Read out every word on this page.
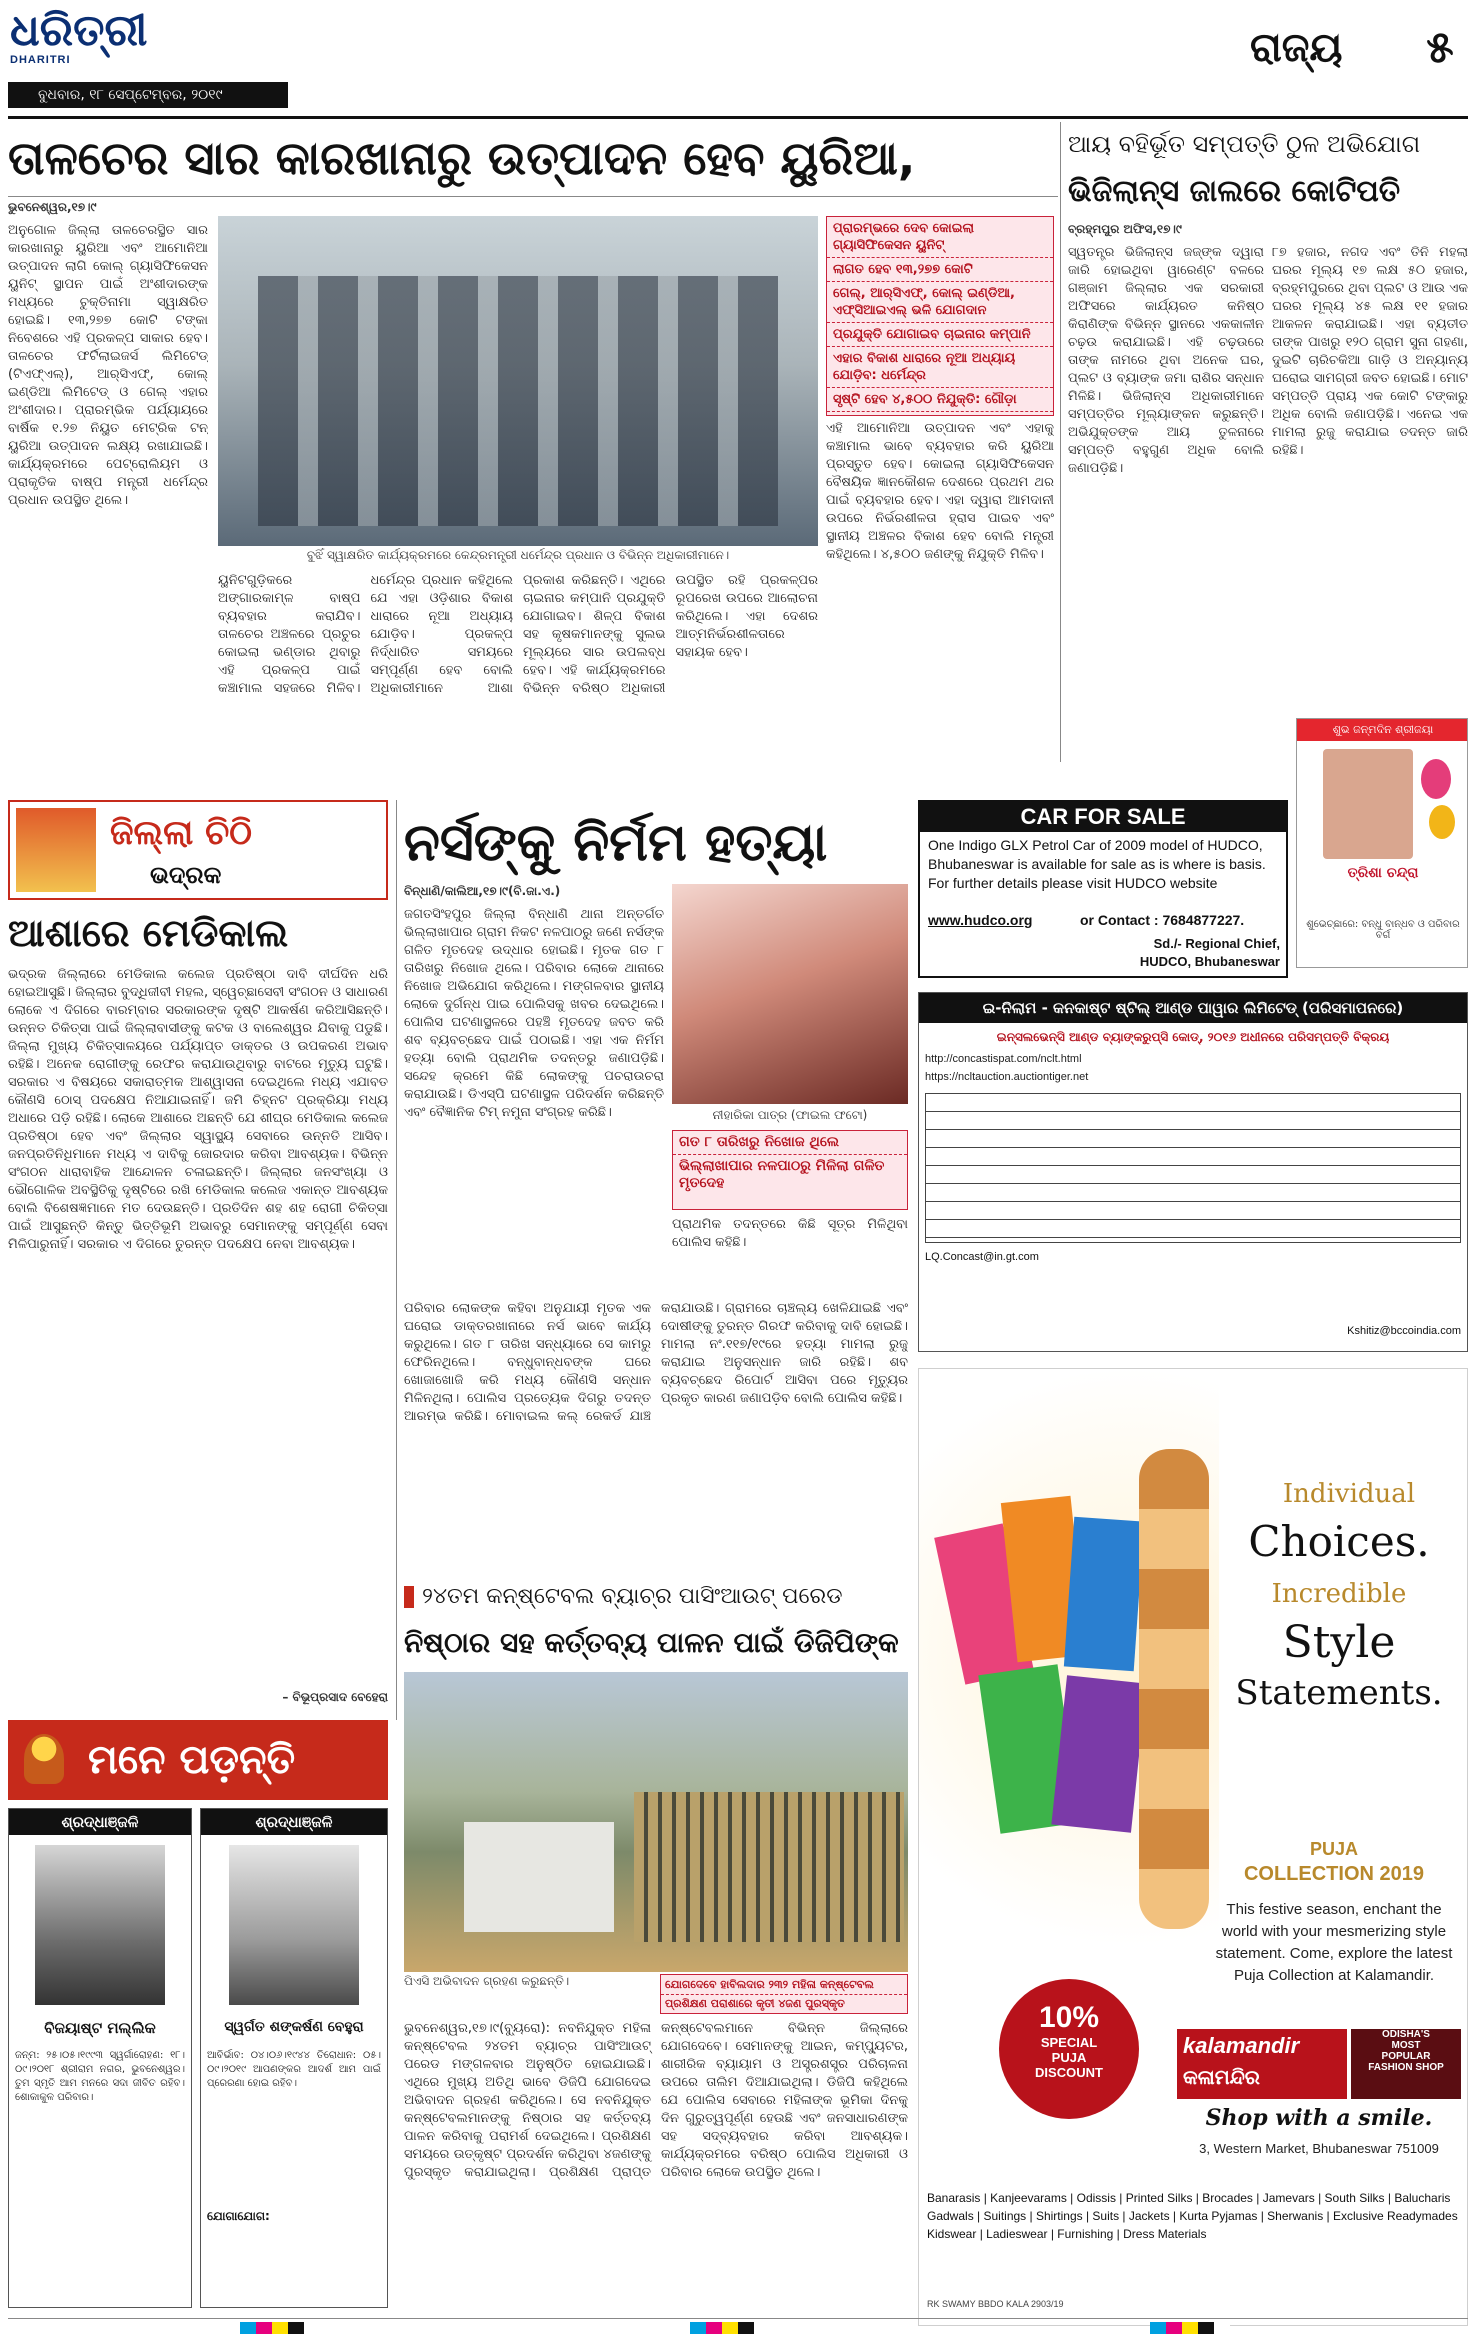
ଧରିତ୍ରୀ
DHARITRI
ବୁଧବାର, ୧୮ ସେପ୍ଟେମ୍ବର, ୨୦୧୯
ରାଜ୍ୟ	୫
ତାଳଚେର ସାର କାରଖାନାରୁ ଉତ୍ପାଦନ ହେବ ୟୁରିଆ,
ଭୁବନେଶ୍ୱର,୧୭।୯
ଅନୁଗୋଳ ଜିଲ୍ଲା ତାଳଚେରସ୍ଥିତ ସାର କାରଖାନାରୁ ୟୁରିଆ ଏବଂ ଆମୋନିଆ ଉତ୍ପାଦନ ଲାଗି କୋଲ୍ ଗ୍ୟାସିଫିକେସନ ୟୁନିଟ୍ ସ୍ଥାପନ ପାଇଁ ଅଂଶୀଦାରଙ୍କ ମଧ୍ୟରେ ଚୁକ୍ତିନାମା ସ୍ୱାକ୍ଷରିତ ହୋଇଛି। ୧୩,୨୭୭ କୋଟି ଟଙ୍କା ନିବେଶରେ ଏହି ପ୍ରକଳ୍ପ ସାକାର ହେବ। ତାଳଚେର ଫର୍ଟିଲାଇଜର୍ସ ଲିମିଟେଡ୍ (ଟିଏଫ୍‌ଏଲ୍), ଆର୍‌ସିଏଫ୍, କୋଲ୍ ଇଣ୍ଡିଆ ଲିମିଟେଡ୍ ଓ ଗେଲ୍ ଏହାର ଅଂଶୀଦାର। ପ୍ରାରମ୍ଭିକ ପର୍ଯ୍ୟାୟରେ ବାର୍ଷିକ ୧.୨୭ ନିୟୁତ ମେଟ୍ରିକ ଟନ୍ ୟୁରିଆ ଉତ୍ପାଦନ ଲକ୍ଷ୍ୟ ରଖାଯାଇଛି। କାର୍ଯ୍ୟକ୍ରମରେ ପେଟ୍ରୋଲିୟମ ଓ ପ୍ରାକୃତିକ ବାଷ୍ପ ମନ୍ତ୍ରୀ ଧର୍ମେନ୍ଦ୍ର ପ୍ରଧାନ ଉପସ୍ଥିତ ଥିଲେ।
ବୁଝିଁ ସ୍ୱାକ୍ଷରିତ କାର୍ଯ୍ୟକ୍ରମରେ କେନ୍ଦ୍ରମନ୍ତ୍ରୀ ଧର୍ମେନ୍ଦ୍ର ପ୍ରଧାନ ଓ ବିଭିନ୍ନ ଅଧିକାରୀମାନେ।
ପ୍ରାରମ୍ଭରେ ଦେବ କୋଇଲା ଗ୍ୟାସିଫିକେସନ ୟୁନିଟ୍
ଲାଗତ ହେବ ୧୩,୨୭୭ କୋଟି
ଗେଲ୍, ଆର୍‌ସିଏଫ୍, କୋଲ୍ ଇଣ୍ଡିଆ, ଏଫ୍‌ସିଆଇଏଲ୍ ଭଳି ଯୋଗଦାନ
ପ୍ରଯୁକ୍ତି ଯୋଗାଇବ ଚାଇନାର କମ୍ପାନି
ଏହାର ବିକାଶ ଧାରାରେ ନୂଆ ଅଧ୍ୟାୟ ଯୋଡ଼ିବ: ଧର୍ମେନ୍ଦ୍ର
ସୃଷ୍ଟି ହେବ ୪,୫୦୦ ନିଯୁକ୍ତି: ଗୌଡ଼ା
ଏହି ଆମୋନିଆ ଉତ୍ପାଦନ ଏବଂ ଏହାକୁ କଞ୍ଚାମାଲ ଭାବେ ବ୍ୟବହାର କରି ୟୁରିଆ ପ୍ରସ୍ତୁତ ହେବ। କୋଇଲା ଗ୍ୟାସିଫିକେସନ ବୈଷୟିକ ଜ୍ଞାନକୌଶଳ ଦେଶରେ ପ୍ରଥମ ଥର ପାଇଁ ବ୍ୟବହାର ହେବ। ଏହା ଦ୍ୱାରା ଆମଦାନୀ ଉପରେ ନିର୍ଭରଶୀଳତା ହ୍ରାସ ପାଇବ ଏବଂ ସ୍ଥାନୀୟ ଅଞ୍ଚଳର ବିକାଶ ହେବ ବୋଲି ମନ୍ତ୍ରୀ କହିଥିଲେ। ୪,୫୦୦ ଜଣଙ୍କୁ ନିଯୁକ୍ତି ମିଳିବ।
ୟୁନିଟଗୁଡ଼ିକରେ ଅଙ୍ଗାରକାମ୍ଳ ବାଷ୍ପ ବ୍ୟବହାର କରାଯିବ। ତାଳଚେର ଅଞ୍ଚଳରେ ପ୍ରଚୁର କୋଇଲା ଭଣ୍ଡାର ଥିବାରୁ ଏହି ପ୍ରକଳ୍ପ ପାଇଁ କଞ୍ଚାମାଲ ସହଜରେ ମିଳିବ। ଧର୍ମେନ୍ଦ୍ର ପ୍ରଧାନ କହିଥିଲେ ଯେ ଏହା ଓଡ଼ିଶାର ବିକାଶ ଧାରାରେ ନୂଆ ଅଧ୍ୟାୟ ଯୋଡ଼ିବ। ପ୍ରକଳ୍ପ ନିର୍ଦ୍ଧାରିତ ସମୟରେ ସମ୍ପୂର୍ଣ୍ଣ ହେବ ବୋଲି ଅଧିକାରୀମାନେ ଆଶା ପ୍ରକାଶ କରିଛନ୍ତି। ଏଥିରେ ଚାଇନାର କମ୍ପାନି ପ୍ରଯୁକ୍ତି ଯୋଗାଇବ। ଶିଳ୍ପ ବିକାଶ ସହ କୃଷକମାନଙ୍କୁ ସୁଲଭ ମୂଲ୍ୟରେ ସାର ଉପଲବ୍ଧ ହେବ। ଏହି କାର୍ଯ୍ୟକ୍ରମରେ ବିଭିନ୍ନ ବରିଷ୍ଠ ଅଧିକାରୀ ଉପସ୍ଥିତ ରହି ପ୍ରକଳ୍ପର ରୂପରେଖ ଉପରେ ଆଲୋଚନା କରିଥିଲେ। ଏହା ଦେଶର ଆତ୍ମନିର୍ଭରଶୀଳତାରେ ସହାୟକ ହେବ।
ଆୟ ବହିର୍ଭୂତ ସମ୍ପତ୍ତି ଠୁଳ ଅଭିଯୋଗ
ଭିଜିଲାନ୍ସ ଜାଲରେ କୋଟିପତି
ବ୍ରହ୍ମପୁର ଅଫିସ,୧୭।୯
ସ୍ୱତନ୍ତ୍ର ଭିଜିଲାନ୍ସ ଜଜ୍‌ଙ୍କ ଦ୍ୱାରା ଜାରି ହୋଇଥିବା ୱାରେଣ୍ଟ ବଳରେ ଗଞ୍ଜାମ ଜିଲ୍ଲାର ଏକ ସରକାରୀ ଅଫିସରେ କାର୍ଯ୍ୟରତ କନିଷ୍ଠ କିରାଣିଙ୍କ ବିଭିନ୍ନ ସ୍ଥାନରେ ଏକକାଳୀନ ଚଢ଼ଉ କରାଯାଇଛି। ଏହି ଚଢ଼ଉରେ ତାଙ୍କ ନାମରେ ଥିବା ଅନେକ ଘର, ପ୍ଲଟ ଓ ବ୍ୟାଙ୍କ ଜମା ରାଶିର ସନ୍ଧାନ ମିଳିଛି। ଭିଜିଲାନ୍ସ ଅଧିକାରୀମାନେ ସମ୍ପତ୍ତିର ମୂଲ୍ୟାଙ୍କନ କରୁଛନ୍ତି। ଅଭିଯୁକ୍ତଙ୍କ ଆୟ ତୁଳନାରେ ସମ୍ପତ୍ତି ବହୁଗୁଣ ଅଧିକ ବୋଲି ଜଣାପଡ଼ିଛି।
୮୭ ହଜାର, ନଗଦ ଏବଂ ତିନି ମହଲା ଘରର ମୂଲ୍ୟ ୧୭ ଲକ୍ଷ ୫୦ ହଜାର, ବ୍ରହ୍ମପୁରରେ ଥିବା ପ୍ଲଟ ଓ ଆଉ ଏକ ଘରର ମୂଲ୍ୟ ୪୫ ଲକ୍ଷ ୧୧ ହଜାର ଆକଳନ କରାଯାଇଛି। ଏହା ବ୍ୟତୀତ ତାଙ୍କ ପାଖରୁ ୧୨୦ ଗ୍ରାମ ସୁନା ଗହଣା, ଦୁଇଟି ଚାରିଚକିଆ ଗାଡ଼ି ଓ ଅନ୍ୟାନ୍ୟ ଘରୋଇ ସାମଗ୍ରୀ ଜବତ ହୋଇଛି। ମୋଟ ସମ୍ପତ୍ତି ପ୍ରାୟ ଏକ କୋଟି ଟଙ୍କାରୁ ଅଧିକ ବୋଲି ଜଣାପଡ଼ିଛି। ଏନେଇ ଏକ ମାମଲା ରୁଜୁ କରାଯାଇ ତଦନ୍ତ ଜାରି ରହିଛି।
ଶୁଭ ଜନ୍ମଦିନ ଶ୍ରୀଜୟା
ତ୍ରିଶା ଚନ୍ଦ୍ରା
ଶୁଭେଚ୍ଛାରେ: ବନ୍ଧୁ ବାନ୍ଧବ ଓ ପରିବାର ବର୍ଗ
ଜିଲ୍ଲା ଚିଠି
ଭଦ୍ରକ
ଆଶାରେ ମେଡିକାଲ
ଭଦ୍ରକ ଜିଲ୍ଲାରେ ମେଡିକାଲ କଲେଜ ପ୍ରତିଷ୍ଠା ଦାବି ଦୀର୍ଘଦିନ ଧରି ହୋଇଆସୁଛି। ଜିଲ୍ଲାର ବୁଦ୍ଧିଜୀବୀ ମହଲ, ସ୍ୱେଚ୍ଛାସେବୀ ସଂଗଠନ ଓ ସାଧାରଣ ଲୋକେ ଏ ଦିଗରେ ବାରମ୍ବାର ସରକାରଙ୍କ ଦୃଷ୍ଟି ଆକର୍ଷଣ କରିଆସିଛନ୍ତି। ଉନ୍ନତ ଚିକିତ୍ସା ପାଇଁ ଜିଲ୍ଲାବାସୀଙ୍କୁ କଟକ ଓ ବାଲେଶ୍ୱର ଯିବାକୁ ପଡୁଛି। ଜିଲ୍ଲା ମୁଖ୍ୟ ଚିକିତ୍ସାଳୟରେ ପର୍ଯ୍ୟାପ୍ତ ଡାକ୍ତର ଓ ଉପକରଣ ଅଭାବ ରହିଛି। ଅନେକ ରୋଗୀଙ୍କୁ ରେଫର କରାଯାଉଥିବାରୁ ବାଟରେ ମୃତ୍ୟୁ ଘଟୁଛି। ସରକାର ଏ ବିଷୟରେ ସକାରାତ୍ମକ ଆଶ୍ୱାସନା ଦେଇଥିଲେ ମଧ୍ୟ ଏଯାବତ କୌଣସି ଠୋସ୍ ପଦକ୍ଷେପ ନିଆଯାଇନାହିଁ। ଜମି ଚିହ୍ନଟ ପ୍ରକ୍ରିୟା ମଧ୍ୟ ଅଧାରେ ପଡ଼ି ରହିଛି। ଲୋକେ ଆଶାରେ ଅଛନ୍ତି ଯେ ଶୀଘ୍ର ମେଡିକାଲ କଲେଜ ପ୍ରତିଷ୍ଠା ହେବ ଏବଂ ଜିଲ୍ଲାର ସ୍ୱାସ୍ଥ୍ୟ ସେବାରେ ଉନ୍ନତି ଆସିବ। ଜନପ୍ରତିନିଧିମାନେ ମଧ୍ୟ ଏ ଦାବିକୁ ଜୋରଦାର କରିବା ଆବଶ୍ୟକ। ବିଭିନ୍ନ ସଂଗଠନ ଧାରାବାହିକ ଆନ୍ଦୋଳନ ଚଳାଇଛନ୍ତି। ଜିଲ୍ଲାର ଜନସଂଖ୍ୟା ଓ ଭୌଗୋଳିକ ଅବସ୍ଥିତିକୁ ଦୃଷ୍ଟିରେ ରଖି ମେଡିକାଲ କଲେଜ ଏକାନ୍ତ ଆବଶ୍ୟକ ବୋଲି ବିଶେଷଜ୍ଞମାନେ ମତ ଦେଉଛନ୍ତି। ପ୍ରତିଦିନ ଶହ ଶହ ରୋଗୀ ଚିକିତ୍ସା ପାଇଁ ଆସୁଛନ୍ତି କିନ୍ତୁ ଭିତ୍ତିଭୂମି ଅଭାବରୁ ସେମାନଙ୍କୁ ସମ୍ପୂର୍ଣ୍ଣ ସେବା ମିଳିପାରୁନାହିଁ। ସରକାର ଏ ଦିଗରେ ତୁରନ୍ତ ପଦକ୍ଷେପ ନେବା ଆବଶ୍ୟକ।
– ବିଭୂପ୍ରସାଦ ବେହେରା
ନର୍ସଙ୍କୁ ନିର୍ମମ ହତ୍ୟା
ବିନ୍ଧାଣି/କାଲିଆ,୧୭।୯(ବି.ଜା.ଏ.)
ଜଗତସିଂହପୁର ଜିଲ୍ଲା ବିନ୍ଧାଣି ଥାନା ଅନ୍ତର୍ଗତ ଭିଲ୍ଲାଖାପାର ଗ୍ରାମ ନିକଟ ନଳପାଠରୁ ଜଣେ ନର୍ସଙ୍କ ଗଳିତ ମୃତଦେହ ଉଦ୍ଧାର ହୋଇଛି। ମୃତକ ଗତ ୮ ତାରିଖରୁ ନିଖୋଜ ଥିଲେ। ପରିବାର ଲୋକେ ଥାନାରେ ନିଖୋଜ ଅଭିଯୋଗ କରିଥିଲେ। ମଙ୍ଗଳବାର ସ୍ଥାନୀୟ ଲୋକେ ଦୁର୍ଗନ୍ଧ ପାଇ ପୋଲିସକୁ ଖବର ଦେଇଥିଲେ। ପୋଲିସ ଘଟଣାସ୍ଥଳରେ ପହଞ୍ଚି ମୃତଦେହ ଜବତ କରି ଶବ ବ୍ୟବଚ୍ଛେଦ ପାଇଁ ପଠାଇଛି। ଏହା ଏକ ନିର୍ମମ ହତ୍ୟା ବୋଲି ପ୍ରାଥମିକ ତଦନ୍ତରୁ ଜଣାପଡ଼ିଛି। ସନ୍ଦେହ କ୍ରମେ କିଛି ଲୋକଙ୍କୁ ପଚରାଉଚରା କରାଯାଉଛି। ଡିଏସ୍‌ପି ଘଟଣାସ୍ଥଳ ପରିଦର୍ଶନ କରିଛନ୍ତି ଏବଂ ବୈଜ୍ଞାନିକ ଟିମ୍ ନମୁନା ସଂଗ୍ରହ କରିଛି।	ନୀହାରିକା ପାତ୍ର (ଫାଇଲ ଫଟୋ)
ଗତ ୮ ତାରିଖରୁ ନିଖୋଜ ଥିଲେ
ଭିଲ୍ଲାଖାପାର ନଳପାଠରୁ ମିଳିଲା ଗଳିତ ମୃତଦେହ
ପ୍ରାଥମିକ ତଦନ୍ତରେ କିଛି ସୂତ୍ର ମିଳିଥିବା ପୋଲିସ କହିଛି।
ପରିବାର ଲୋକଙ୍କ କହିବା ଅନୁଯାୟୀ ମୃତକ ଏକ ଘରୋଇ ଡାକ୍ତରଖାନାରେ ନର୍ସ ଭାବେ କାର୍ଯ୍ୟ କରୁଥିଲେ। ଗତ ୮ ତାରିଖ ସନ୍ଧ୍ୟାରେ ସେ କାମରୁ ଫେରିନଥିଲେ। ବନ୍ଧୁବାନ୍ଧବଙ୍କ ଘରେ ଖୋଜାଖୋଜି କରି ମଧ୍ୟ କୌଣସି ସନ୍ଧାନ ମିଳିନଥିଲା। ପୋଲିସ ପ୍ରତ୍ୟେକ ଦିଗରୁ ତଦନ୍ତ ଆରମ୍ଭ କରିଛି। ମୋବାଇଲ କଲ୍ ରେକର୍ଡ ଯାଞ୍ଚ କରାଯାଉଛି। ଗ୍ରାମରେ ଚାଞ୍ଚଲ୍ୟ ଖେଳିଯାଇଛି ଏବଂ ଦୋଷୀଙ୍କୁ ତୁରନ୍ତ ଗିରଫ କରିବାକୁ ଦାବି ହୋଇଛି। ମାମଲା ନଂ.୧୧୭/୧୯ରେ ହତ୍ୟା ମାମଲା ରୁଜୁ କରାଯାଇ ଅନୁସନ୍ଧାନ ଜାରି ରହିଛି। ଶବ ବ୍ୟବଚ୍ଛେଦ ରିପୋର୍ଟ ଆସିବା ପରେ ମୃତ୍ୟୁର ପ୍ରକୃତ କାରଣ ଜଣାପଡ଼ିବ ବୋଲି ପୋଲିସ କହିଛି।
CAR FOR SALE
One Indigo GLX Petrol Car of 2009 model of HUDCO, Bhubaneswar is available for sale as is where is basis. For further details please visit HUDCO website
www.hudco.org	or Contact : 7684877227.
Sd./- Regional Chief,
HUDCO, Bhubaneswar
ଇ-ନିଲାମ - କନକାଷ୍ଟ ଷ୍ଟିଲ୍ ଆଣ୍ଡ ପାୱାର ଲିମିଟେଡ୍ (ପରିସମାପନରେ)
ଇନ୍‌ସଲଭେନ୍ସି ଆଣ୍ଡ ବ୍ୟାଙ୍କରୁପ୍ସି କୋଡ୍, ୨୦୧୬ ଅଧୀନରେ ପରିସମ୍ପତ୍ତି ବିକ୍ରୟ
http://concastispat.com/nclt.html
https://ncltauction.auctiontiger.net
LQ.Concast@in.gt.com
Kshitiz@bccoindia.com
୨୪ତମ କନ୍‌ଷ୍ଟେବଲ ବ୍ୟାଚ୍‌ର ପାସିଂଆଉଟ୍ ପରେଡ
ନିଷ୍ଠାର ସହ କର୍ତ୍ତବ୍ୟ ପାଳନ ପାଇଁ ଡିଜିପିଙ୍କ
ପିଏସି ଅଭିବାଦନ ଗ୍ରହଣ କରୁଛନ୍ତି।	ଯୋଗଦେବେ ହାବିଲଦାର ୨୩୨ ମହିଳା କନ୍‌ଷ୍ଟେବଲ
ପ୍ରଶିକ୍ଷଣ ପରାଶାରେ କୃତୀ ୪ଜଣ ପୁରସ୍କୃତ
ଭୁବନେଶ୍ୱର,୧୭।୯(ବ୍ୟୁରୋ): ନବନିଯୁକ୍ତ ମହିଳା କନ୍‌ଷ୍ଟେବଲ ୨୪ତମ ବ୍ୟାଚ୍‌ର ପାସିଂଆଉଟ୍ ପରେଡ ମଙ୍ଗଳବାର ଅନୁଷ୍ଠିତ ହୋଇଯାଇଛି। ଏଥିରେ ମୁଖ୍ୟ ଅତିଥି ଭାବେ ଡିଜିପି ଯୋଗଦେଇ ଅଭିବାଦନ ଗ୍ରହଣ କରିଥିଲେ। ସେ ନବନିଯୁକ୍ତ କନ୍‌ଷ୍ଟେବଲମାନଙ୍କୁ ନିଷ୍ଠାର ସହ କର୍ତ୍ତବ୍ୟ ପାଳନ କରିବାକୁ ପରାମର୍ଶ ଦେଇଥିଲେ। ପ୍ରଶିକ୍ଷଣ ସମୟରେ ଉତ୍କୃଷ୍ଟ ପ୍ରଦର୍ଶନ କରିଥିବା ୪ଜଣଙ୍କୁ ପୁରସ୍କୃତ କରାଯାଇଥିଲା। ପ୍ରଶିକ୍ଷଣ ପ୍ରାପ୍ତ କନ୍‌ଷ୍ଟେବଲମାନେ ବିଭିନ୍ନ ଜିଲ୍ଲାରେ ଯୋଗଦେବେ। ସେମାନଙ୍କୁ ଆଇନ, କମ୍ପ୍ୟୁଟର, ଶାରୀରିକ ବ୍ୟାୟାମ ଓ ଅସ୍ତ୍ରଶସ୍ତ୍ର ପରିଚାଳନା ଉପରେ ତାଲିମ ଦିଆଯାଇଥିଲା। ଡିଜିପି କହିଥିଲେ ଯେ ପୋଲିସ ସେବାରେ ମହିଳାଙ୍କ ଭୂମିକା ଦିନକୁ ଦିନ ଗୁରୁତ୍ୱପୂର୍ଣ୍ଣ ହେଉଛି ଏବଂ ଜନସାଧାରଣଙ୍କ ସହ ସଦ୍‌ବ୍ୟବହାର କରିବା ଆବଶ୍ୟକ। କାର୍ଯ୍ୟକ୍ରମରେ ବରିଷ୍ଠ ପୋଲିସ ଅଧିକାରୀ ଓ ପରିବାର ଲୋକେ ଉପସ୍ଥିତ ଥିଲେ।
ମନେ ପଡ଼ନ୍ତି
ଶ୍ରଦ୍ଧାଞ୍ଜଳି
ବିଜୟାଷ୍ଟ ମଲ୍ଲିକ
ଜନ୍ମ: ୨୫।୦୫।୧୯୯୩ ସ୍ୱର୍ଗାରୋହଣ: ୧୮।୦୯।୨୦୧୮ ଶ୍ରୀରାମ ନଗର, ଭୁବନେଶ୍ୱର। ତୁମ ସ୍ମୃତି ଆମ ମନରେ ସଦା ଜୀବିତ ରହିବ। ଶୋକାକୁଳ ପରିବାର।
ଶ୍ରଦ୍ଧାଞ୍ଜଳି
ସ୍ୱର୍ଗତ ଶଙ୍କର୍ଷଣ ବେହୁରା
ଆବିର୍ଭାବ: ୦୪।୦୬।୧୯୪୪ ତିରୋଧାନ: ୦୫।୦୯।୨୦୧୯ ଆପଣଙ୍କର ଆଦର୍ଶ ଆମ ପାଇଁ ପ୍ରେରଣା ହୋଇ ରହିବ।
ଯୋଗାଯୋଗ:
Individual
Choices.
Incredible
Style
Statements.
PUJA
COLLECTION 2019
This festive season, enchant the world with your mesmerizing style statement. Come, explore the latest Puja Collection at Kalamandir.
10%
SPECIAL
PUJA
DISCOUNT
kalamandir
କଳାମନ୍ଦିର
ODISHA'S
MOST
POPULAR
FASHION SHOP
Shop with a smile.
3, Western Market, Bhubaneswar 751009
Banarasis | Kanjeevarams | Odissis | Printed Silks | Brocades | Jamevars | South Silks | Balucharis Gadwals | Suitings | Shirtings | Suits | Jackets | Kurta Pyjamas | Sherwanis | Exclusive Readymades Kidswear | Ladieswear | Furnishing | Dress Materials
RK SWAMY BBDO KALA 2903/19
